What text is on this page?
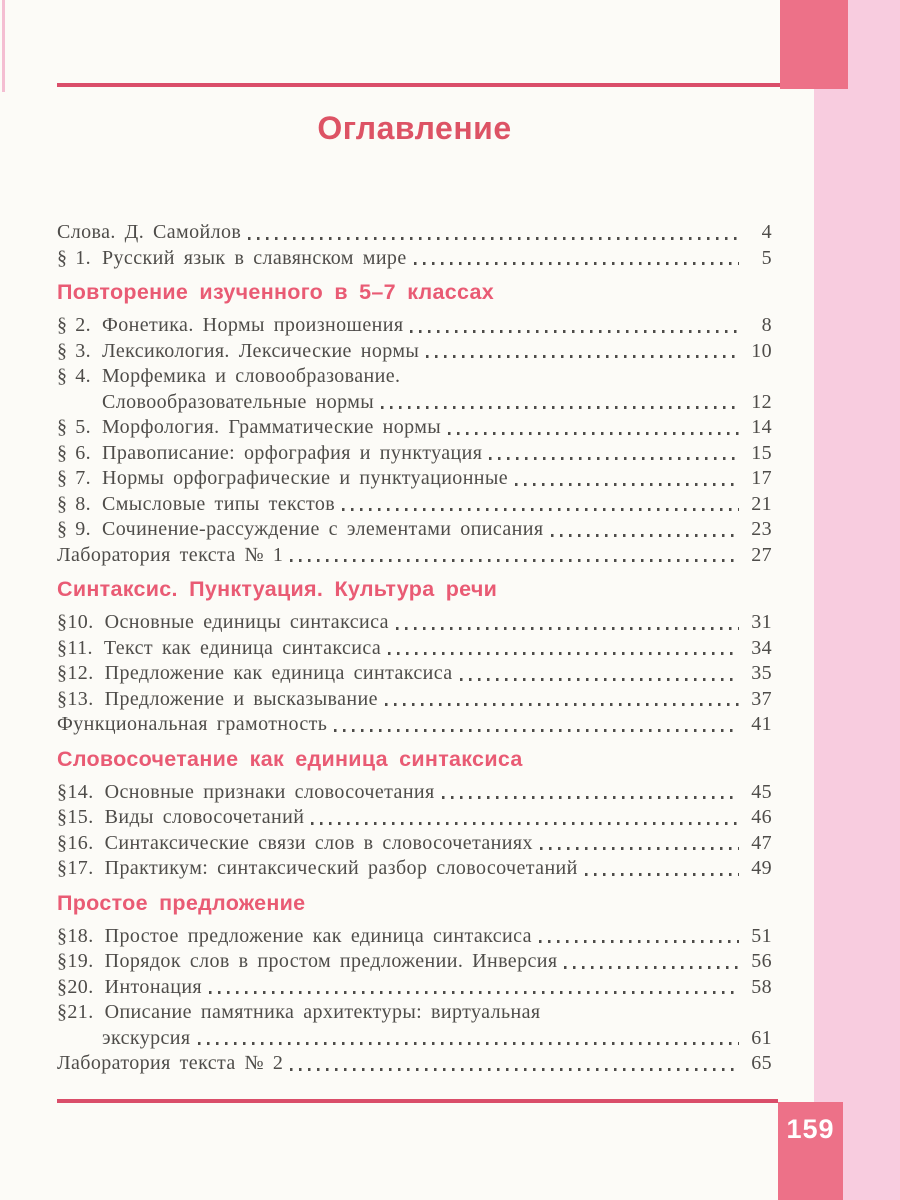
159
Оглавление
Слова. Д. Самойлов	4
§ 1. Русский язык в славянском мире	5
Повторение изученного в 5–7 классах
§ 2. Фонетика. Нормы произношения	8
§ 3. Лексикология. Лексические нормы	10
§ 4. Морфемика и словообразование.
Словообразовательные нормы	12
§ 5. Морфология. Грамматические нормы	14
§ 6. Правописание: орфография и пунктуация	15
§ 7. Нормы орфографические и пунктуационные	17
§ 8. Смысловые типы текстов	21
§ 9. Сочинение-рассуждение с элементами описания	23
Лаборатория текста № 1	27
Синтаксис. Пунктуация. Культура речи
§ 10. Основные единицы синтаксиса	31
§ 11. Текст как единица синтаксиса	34
§ 12. Предложение как единица синтаксиса	35
§ 13. Предложение и высказывание	37
Функциональная грамотность	41
Словосочетание как единица синтаксиса
§ 14. Основные признаки словосочетания	45
§ 15. Виды словосочетаний	46
§ 16. Синтаксические связи слов в словосочетаниях	47
§ 17. Практикум: синтаксический разбор словосочетаний	49
Простое предложение
§ 18. Простое предложение как единица синтаксиса	51
§ 19. Порядок слов в простом предложении. Инверсия	56
§ 20. Интонация	58
§ 21. Описание памятника архитектуры: виртуальная
экскурсия	61
Лаборатория текста № 2	65
